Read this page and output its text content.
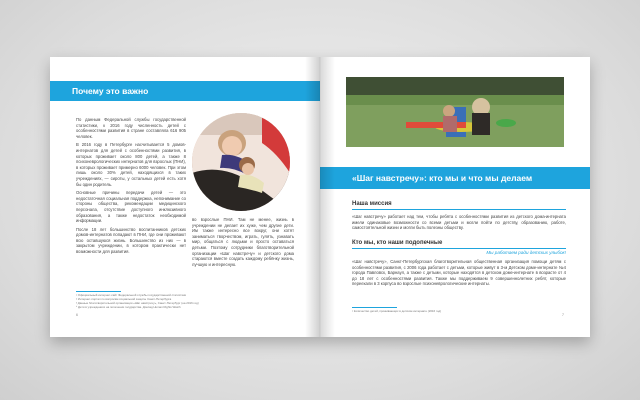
Почему это важно

По данным Федеральной службы государственной статистики, к 2016 году численность детей с особенностями развития в стране составляла 616 905 человек.

В 2016 году в Петербурге насчитывается 5 домов-интернатов для детей с особенностями развития, в которых проживает около 800 детей, а также 8 психоневрологических интернатов для взрослых (ПНИ), в которых проживает примерно 6000 человек. При этом лишь около 30% детей, находящихся в таких учреждениях, — сироты, у остальных детей есть хотя бы один родитель.

Основные причины передачи детей — это недостаточная социальная поддержка, непонимание со стороны общества, рекомендации медицинского персонала, отсутствие доступного инклюзивного образования, а также недостаток необходимой информации.

После 18 лет большинство воспитанников детских домов-интернатов попадают в ПНИ, где они проживают всю оставшуюся жизнь. Большинство из них — в закрытом учреждении, в котором практически нет возможности для развития.

во взрослые ПНИ. Там не менее, жизнь в учреждении не делает их хуже, чем другие дети. Им также интересно все вокруг, они хотят заниматься творчеством, играть, гулять, узнавать мир, общаться с людьми и просто оставаться детьми. Поэтому сотрудники благотворительной организации «Шаг навстречу» и детского дома стараются вместе создать каждому ребёнку жизнь, лучшую и интересную.
¹ Официальный интернет-сайт Федеральной службы государственной статистики
² Интернет-портал по вопросам социальной защиты Санкт-Петербурга
³ Данные благотворительной организации «Шаг навстречу», Санкт-Петербург (на 2016 год)
⁴ Дети в учреждениях на попечении государства. Доклад Human Rights Watch
6
«Шаг навстречу»: кто мы и что мы делаем
Наша миссия
«Шаг навстречу» работает над тем, чтобы ребята с особенностями развития из детского дома-интерната имели одинаковые возможности со всеми детьми и могли пойти по детству, образованию, работе, самостоятельной жизни и могли быть полезны обществу.
Кто мы, кто наши подопечные
Мы работаем ради детских улыбок!
«Шаг навстречу», Санкт-Петербургская благотворительная общественная организация помощи детям с особенностями развития, с 2006 года работает с детьми, которые живут в 3-м Детском доме-интернате №4 города Павловск, Барнаул, а также с детьми, которые находятся в детском доме-интернате в возрасте от 4 до 18 лет с особенностями развития. Также мы поддерживаем 9 совершеннолетних ребят, которые переехали в 3 корпуса во взрослые психоневрологические интернаты.
¹ Количество детей, проживающих в детском интернате (2016 год)
7
